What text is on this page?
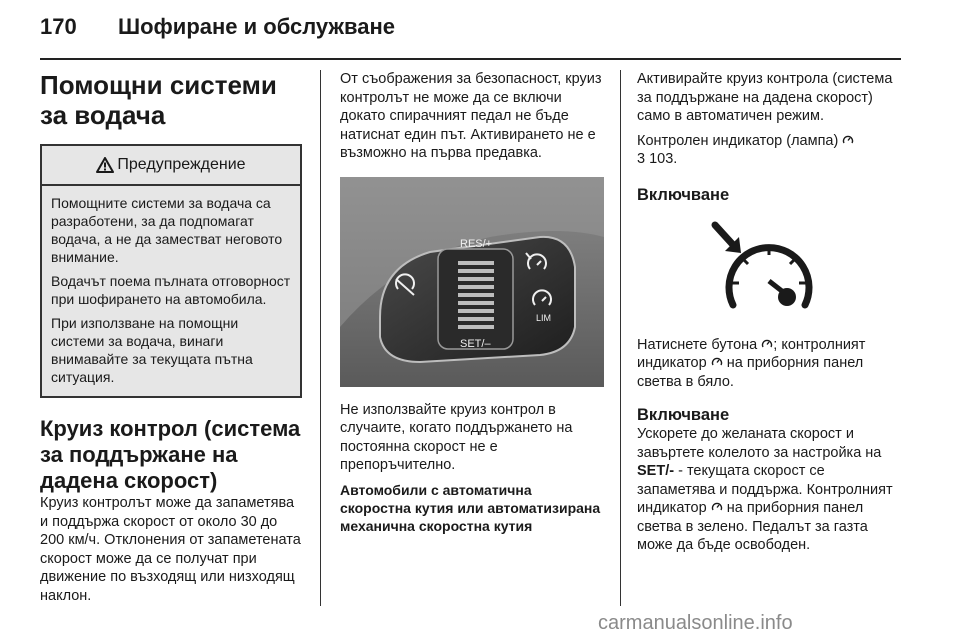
170 Шофиране и обслужване
Помощни системи за водача
Предупреждение

Помощните системи за водача са разработени, за да подпомагат водача, а не да заместват неговото внимание.

Водачът поема пълната отговорност при шофирането на автомобила.

При използване на помощни системи за водача, винаги внимавайте за текущата пътна ситуация.

Круиз контрол (система за поддържане на дадена скорост)

Круиз контролът може да запаметява и поддържа скорост от около 30 до 200 км/ч. Отклонения от запаметената скорост може да се получат при движение по възходящ или низходящ наклон.

От съображения за безопасност, круиз контролът не може да се включи докато спирачният педал не бъде натиснат един път. Активирането не е възможно на първа предавка.

RES/+
SET/–
LIM

Не използвайте круиз контрол в случаите, когато поддържането на постоянна скорост не е препоръчително.

Автомобили с автоматична скоростна кутия или автоматизирана механична скоростна кутия

Активирайте круиз контрола (система за поддържане на дадена скорост) само в автоматичен режим.

Контролен индикатор (лампа)
3 103.

Включване

Натиснете бутона ; контролният индикатор на приборния панел светва в бяло.

Включване

Ускорете до желаната скорост и завъртете колелото за настройка на SET/- - текущата скорост се запаметява и поддържа. Контролният индикатор на приборния панел светва в зелено. Педалът за газта може да бъде освободен.

carmanualsonline.info
